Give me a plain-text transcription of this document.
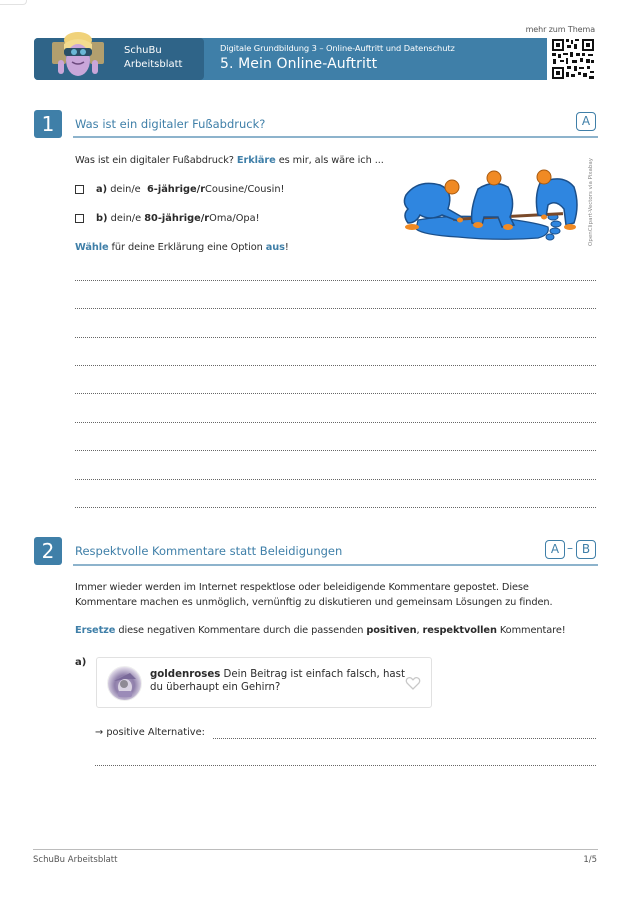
mehr zum Thema
SchuBu
Arbeitsblatt
Digitale Grundbildung 3 – Online-Auftritt und Datenschutz
5. Mein Online-Auftritt
1	Was ist ein digitaler Fußabdruck?	A
Was ist ein digitaler Fußabdruck? Erkläre es mir, als wäre ich ...
a) dein/e 6-jährige/r Cousine/Cousin!
b) dein/e 80-jährige/r Oma/Opa!
Wähle für deine Erklärung eine Option aus!
OpenClipart-Vectors via Pixabay
2	Respektvolle Kommentare statt Beleidigungen	A – B
Immer wieder werden im Internet respektlose oder beleidigende Kommentare gepostet. Diese
Kommentare machen es unmöglich, vernünftig zu diskutieren und gemeinsam Lösungen zu finden.
Ersetze diese negativen Kommentare durch die passenden positiven, respektvollen Kommentare!
a)
goldenroses Dein Beitrag ist einfach falsch, hast du überhaupt ein Gehirn?
→ positive Alternative:
SchuBu Arbeitsblatt	1/5
